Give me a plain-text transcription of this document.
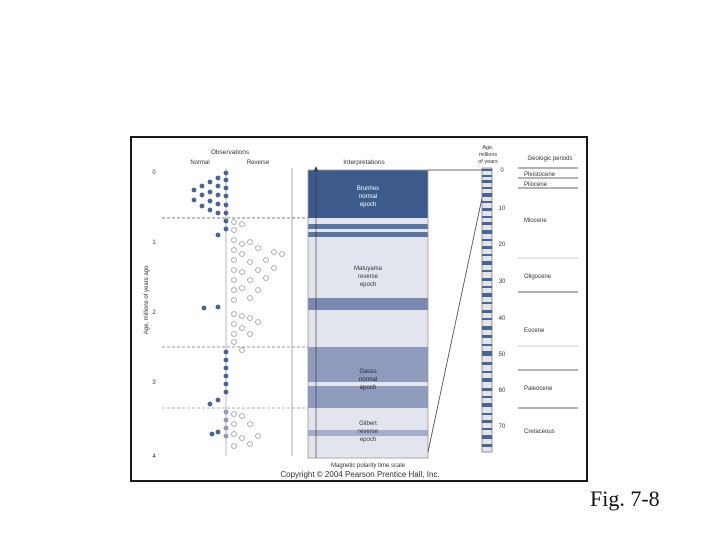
Observations
Normal	Reverse	Interpretations
Age,
millions
of years	Geologic periods
Age, millions of years ago
0
1
2
3
4
Brunhes
normal
epoch
Matuyama
reverse
epoch
Gauss
normal
epoch
Gilbert
reverse
epoch
0
10
20
30
40
50
60
70
Pleistocene
Pliocene
Miocene
Oligocene
Eocene
Paleocene
Cretaceous
Magnetic polarity time scale
Copyright © 2004 Pearson Prentice Hall, Inc.
Fig. 7-8
